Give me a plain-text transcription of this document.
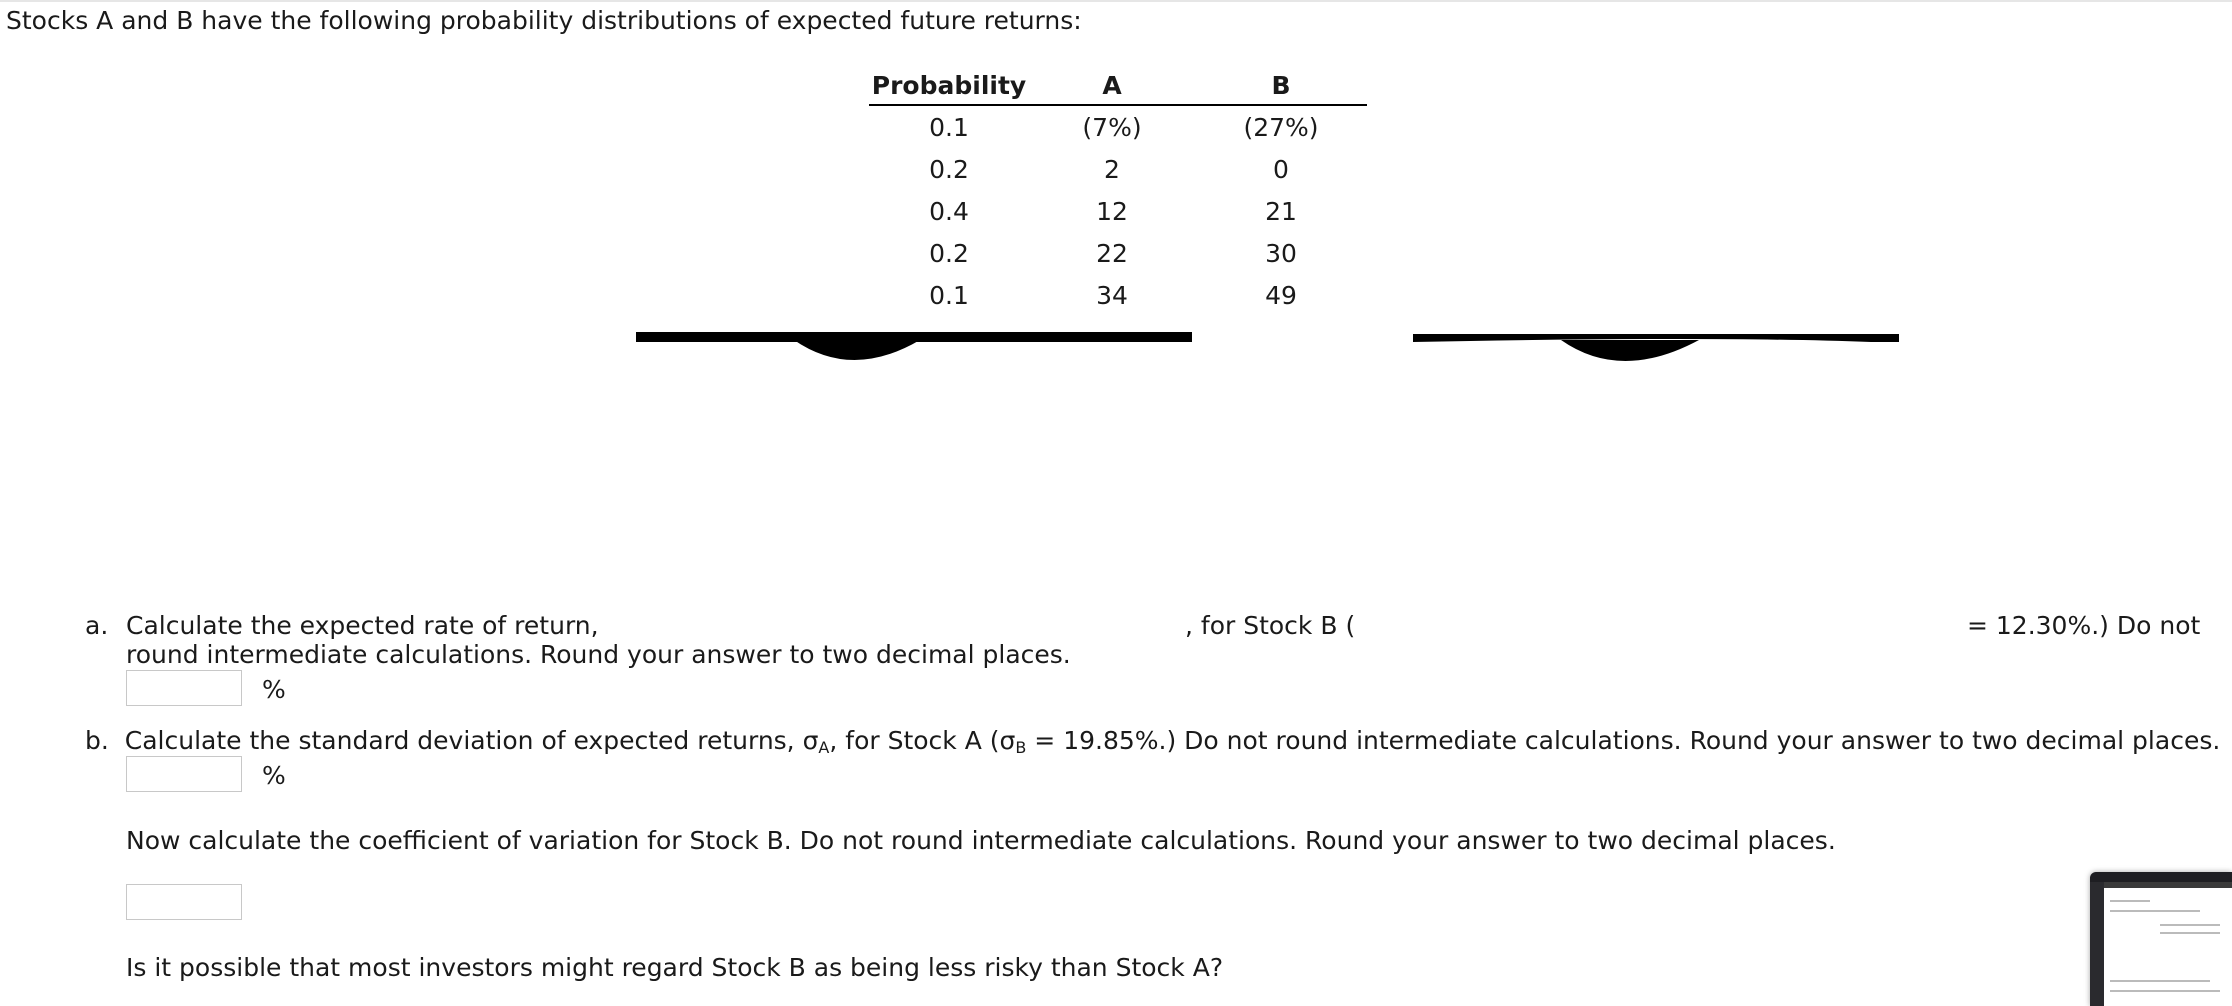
Stocks A and B have the following probability distributions of expected future returns:
Probability	A	B
0.1	(7%)	(27%)
0.2	2	0
0.4	12	21
0.2	22	30
0.1	34	49
a. Calculate the expected rate of return,	, for Stock B (	= 12.30%.) Do not
round intermediate calculations. Round your answer to two decimal places.
%
b. Calculate the standard deviation of expected returns, $\sigma_A$, for Stock A $(\sigma_B = 19.85\%.)$ Do not round intermediate calculations. Round your answer to two decimal places.
%
Now calculate the coefficient of variation for Stock B. Do not round intermediate calculations. Round your answer to two decimal places.
Is it possible that most investors might regard Stock B as being less risky than Stock A?
